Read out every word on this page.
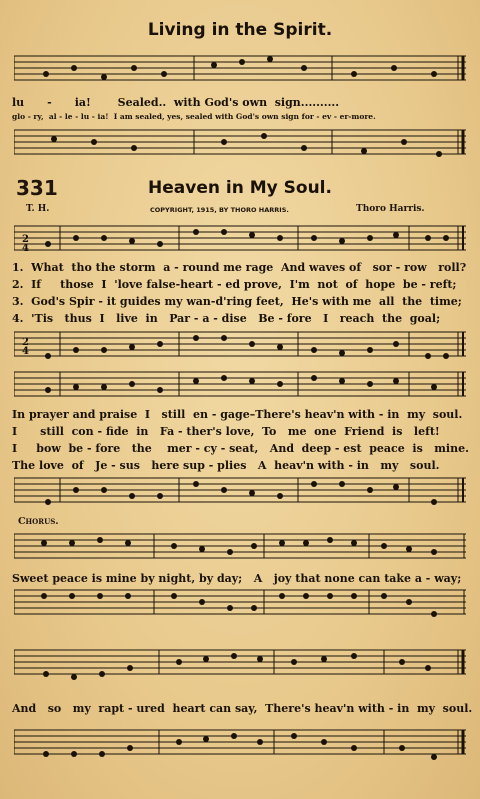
Living in the Spirit.
lu      -      ia!       Sealed..  with God's own  sign..........
glo - ry,  al - le - lu - ia!  I am sealed, yes, sealed with God's own sign for - ev - er-more.
331	Heaven in My Soul.
T. H.	COPYRIGHT, 1915, BY THORO HARRIS.	Thoro Harris.
2
4
1.  What  tho the storm  a - round me rage  And waves of   sor - row   roll?
2.  If     those  I  'love false-heart - ed prove,  I'm  not  of  hope  be - reft;
3.  God's Spir - it guides my wan-d'ring feet,  He's with me  all  the  time;
4.  'Tis   thus  I   live  in   Par - a - dise   Be - fore   I   reach  the  goal;
2
4
In prayer and praise  I   still  en - gage–There's heav'n with - in  my  soul.
I      still  con - fide  in   Fa - ther's love,  To   me  one  Friend  is   left!
I     bow  be - fore   the    mer - cy - seat,   And  deep - est  peace  is   mine.
The love  of   Je - sus   here sup - plies   A  heav'n with - in   my   soul.
Chorus.
Sweet peace is mine by night, by day;   A   joy that none can take a - way;
And   so   my  rapt - ured  heart can say,  There's heav'n with - in  my  soul.
